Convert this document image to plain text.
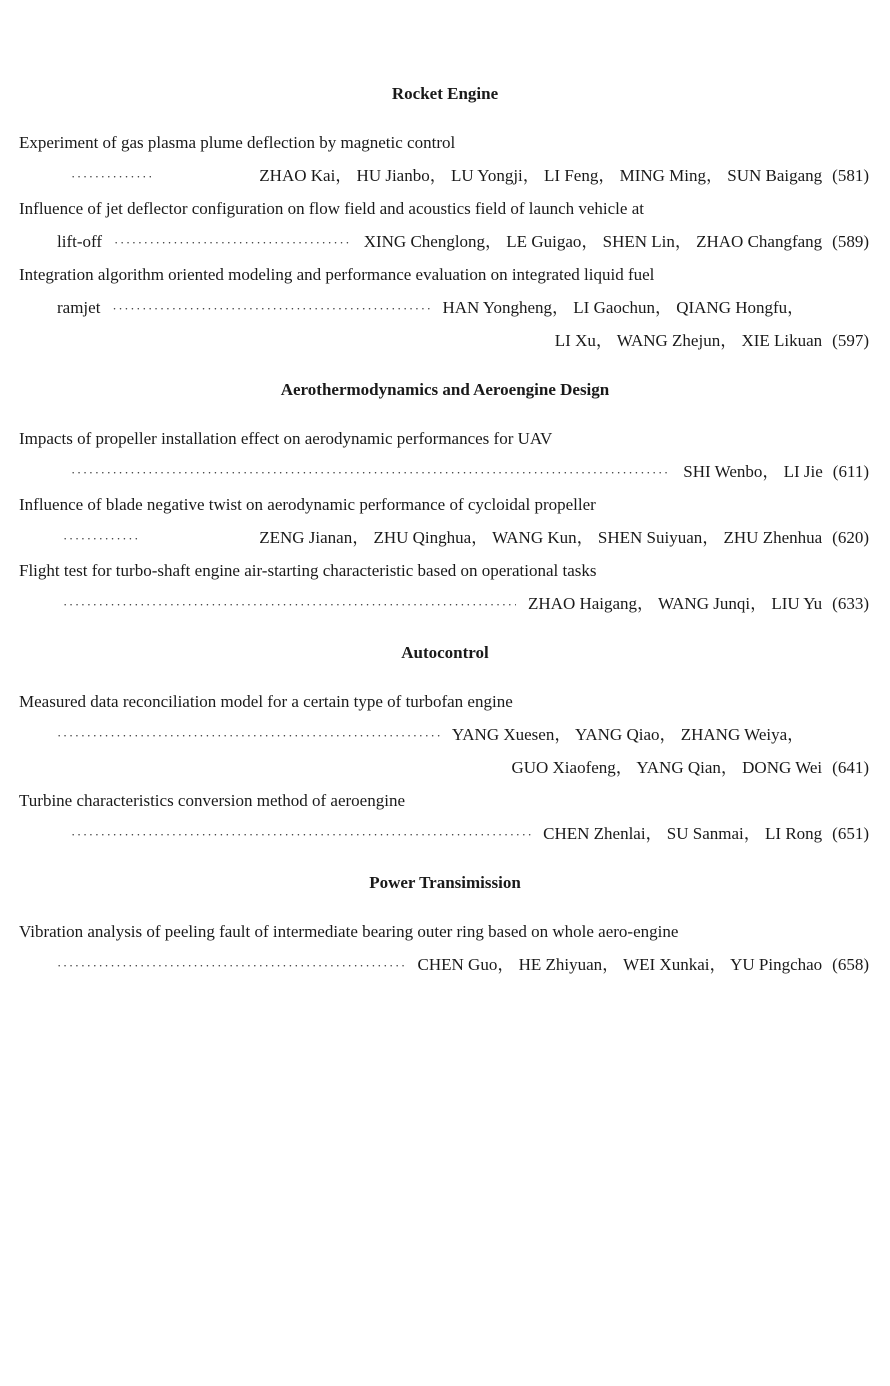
Rocket Engine
Experiment of gas plasma plume deflection by magnetic control
·····
ZHAO Kai， HU Jianbo， LU Yongji， LI Feng， MING Ming， SUN Baigang (581)
Influence of jet deflector configuration on flow field and acoustics field of launch vehicle at
lift-off ·····	XING Chenglong， LE Guigao， SHEN Lin， ZHAO Changfang (589)
Integration algorithm oriented modeling and performance evaluation on integrated liquid fuel
ramjet ·····	HAN Yongheng， LI Gaochun， QIANG Hongfu，
LI Xu， WANG Zhejun， XIE Likuan (597)
Aerothermodynamics and Aeroengine Design
Impacts of propeller installation effect on aerodynamic performances for UAV
·····
SHI Wenbo， LI Jie (611)
Influence of blade negative twist on aerodynamic performance of cycloidal propeller
·····
ZENG Jianan， ZHU Qinghua， WANG Kun， SHEN Suiyuan， ZHU Zhenhua (620)
Flight test for turbo-shaft engine air-starting characteristic based on operational tasks
·····
ZHAO Haigang， WANG Junqi， LIU Yu (633)
Autocontrol
Measured data reconciliation model for a certain type of turbofan engine
·····
YANG Xuesen， YANG Qiao， ZHANG Weiya，
GUO Xiaofeng， YANG Qian， DONG Wei (641)
Turbine characteristics conversion method of aeroengine
·····
CHEN Zhenlai， SU Sanmai， LI Rong (651)
Power Transimission
Vibration analysis of peeling fault of intermediate bearing outer ring based on whole aero-engine
·····
CHEN Guo， HE Zhiyuan， WEI Xunkai， YU Pingchao (658)
